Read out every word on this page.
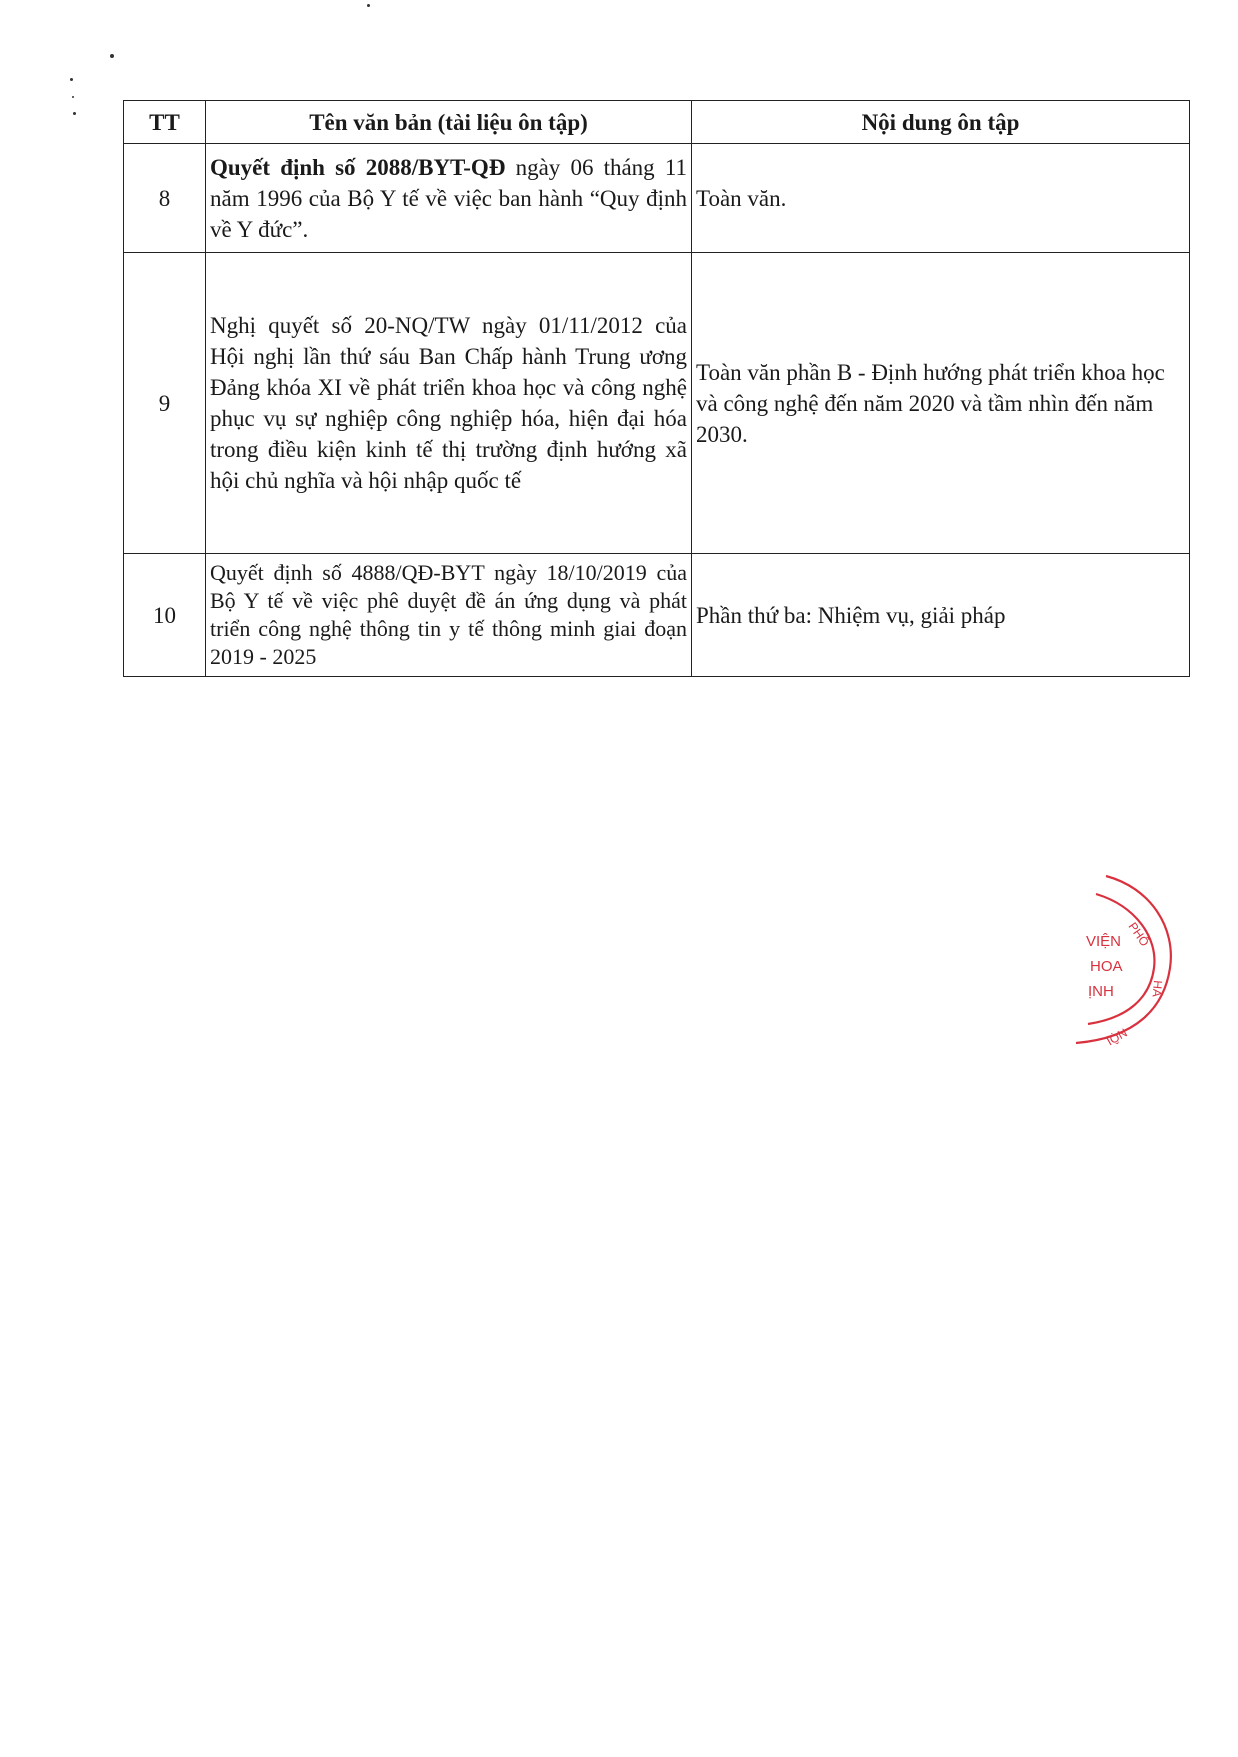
TT	Tên văn bản (tài liệu ôn tập)	Nội dung ôn tập
8	Quyết định số 2088/BYT-QĐ ngày 06 tháng 11 năm 1996 của Bộ Y tế về việc ban hành “Quy định về Y đức”.	Toàn văn.
9	Nghị quyết số 20-NQ/TW ngày 01/11/2012 của Hội nghị lần thứ sáu Ban Chấp hành Trung ương Đảng khóa XI về phát triển khoa học và công nghệ phục vụ sự nghiệp công nghiệp hóa, hiện đại hóa trong điều kiện kinh tế thị trường định hướng xã hội chủ nghĩa và hội nhập quốc tế	Toàn văn phần B - Định hướng phát triển khoa học và công nghệ đến năm 2020 và tầm nhìn đến năm 2030.
10	Quyết định số 4888/QĐ-BYT ngày 18/10/2019 của Bộ Y tế về việc phê duyệt đề án ứng dụng và phát triển công nghệ thông tin y tế thông minh giai đoạn 2019 - 2025	Phần thứ ba: Nhiệm vụ, giải pháp
VIỆN
HOA
ỊNH
PHỐ
HÀ
NỘI
